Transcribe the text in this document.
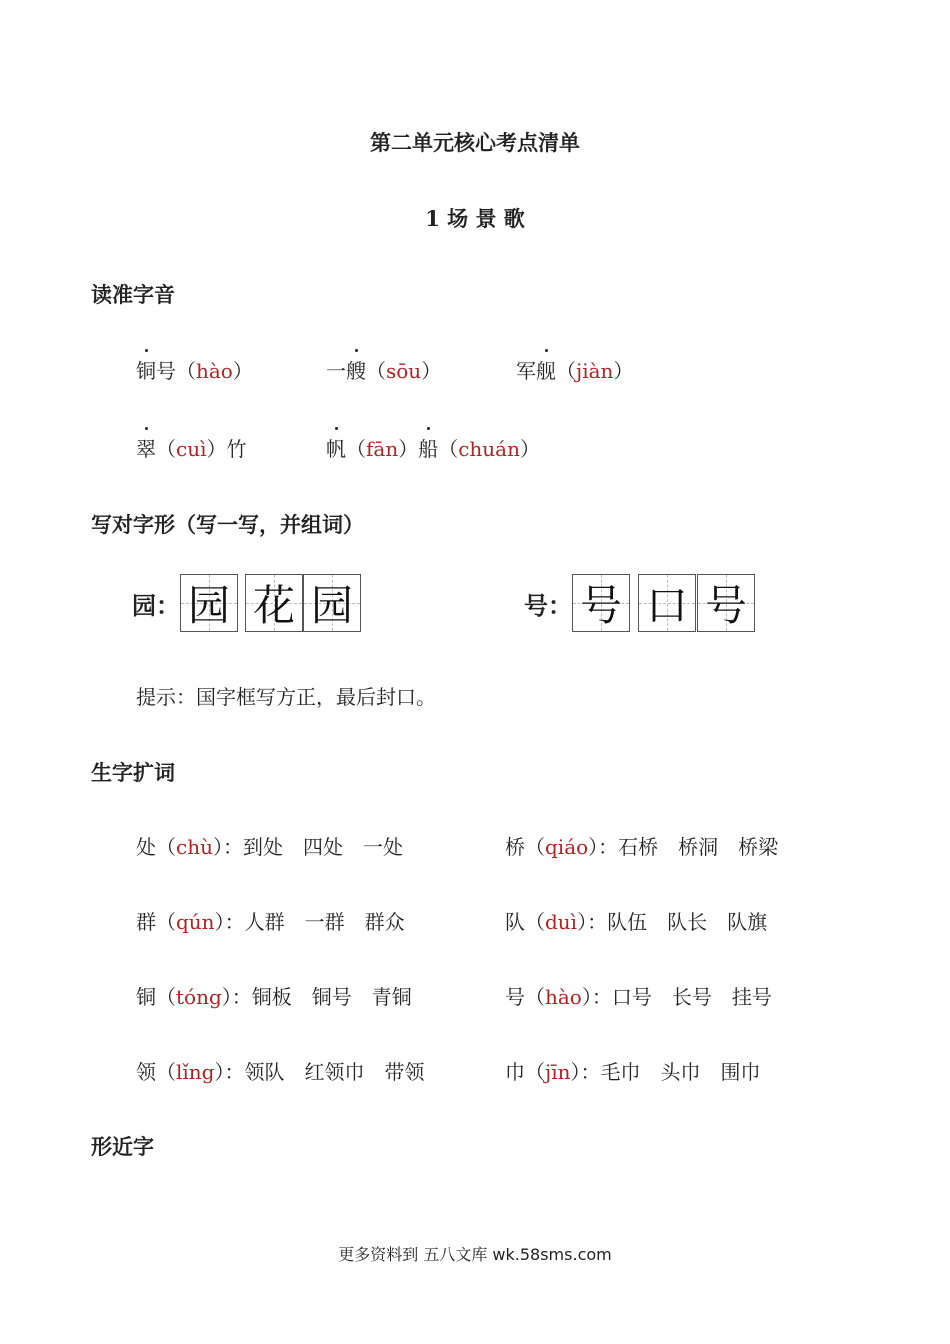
第二单元核心考点清单
1 场 景 歌
读准字音
铜号（hào）	一艘（sōu）	军舰（jiàn）
翠（cuì）竹	帆（fān）船（chuán）
写对字形（写一写，并组词）
园： 园 花 园	号： 号 口 号
提示：国字框写方正，最后封口。
生字扩词
处（chù）：到处　四处　一处	桥（qiáo）：石桥　桥洞　桥梁
群（qún）：人群　一群　群众	队（duì）：队伍　队长　队旗
铜（tóng）：铜板　铜号　青铜	号（hào）：口号　长号　挂号
领（lǐng）：领队　红领巾　带领	巾（jīn）：毛巾　头巾　围巾
形近字
更多资料到 五八文库 wk.58sms.com
